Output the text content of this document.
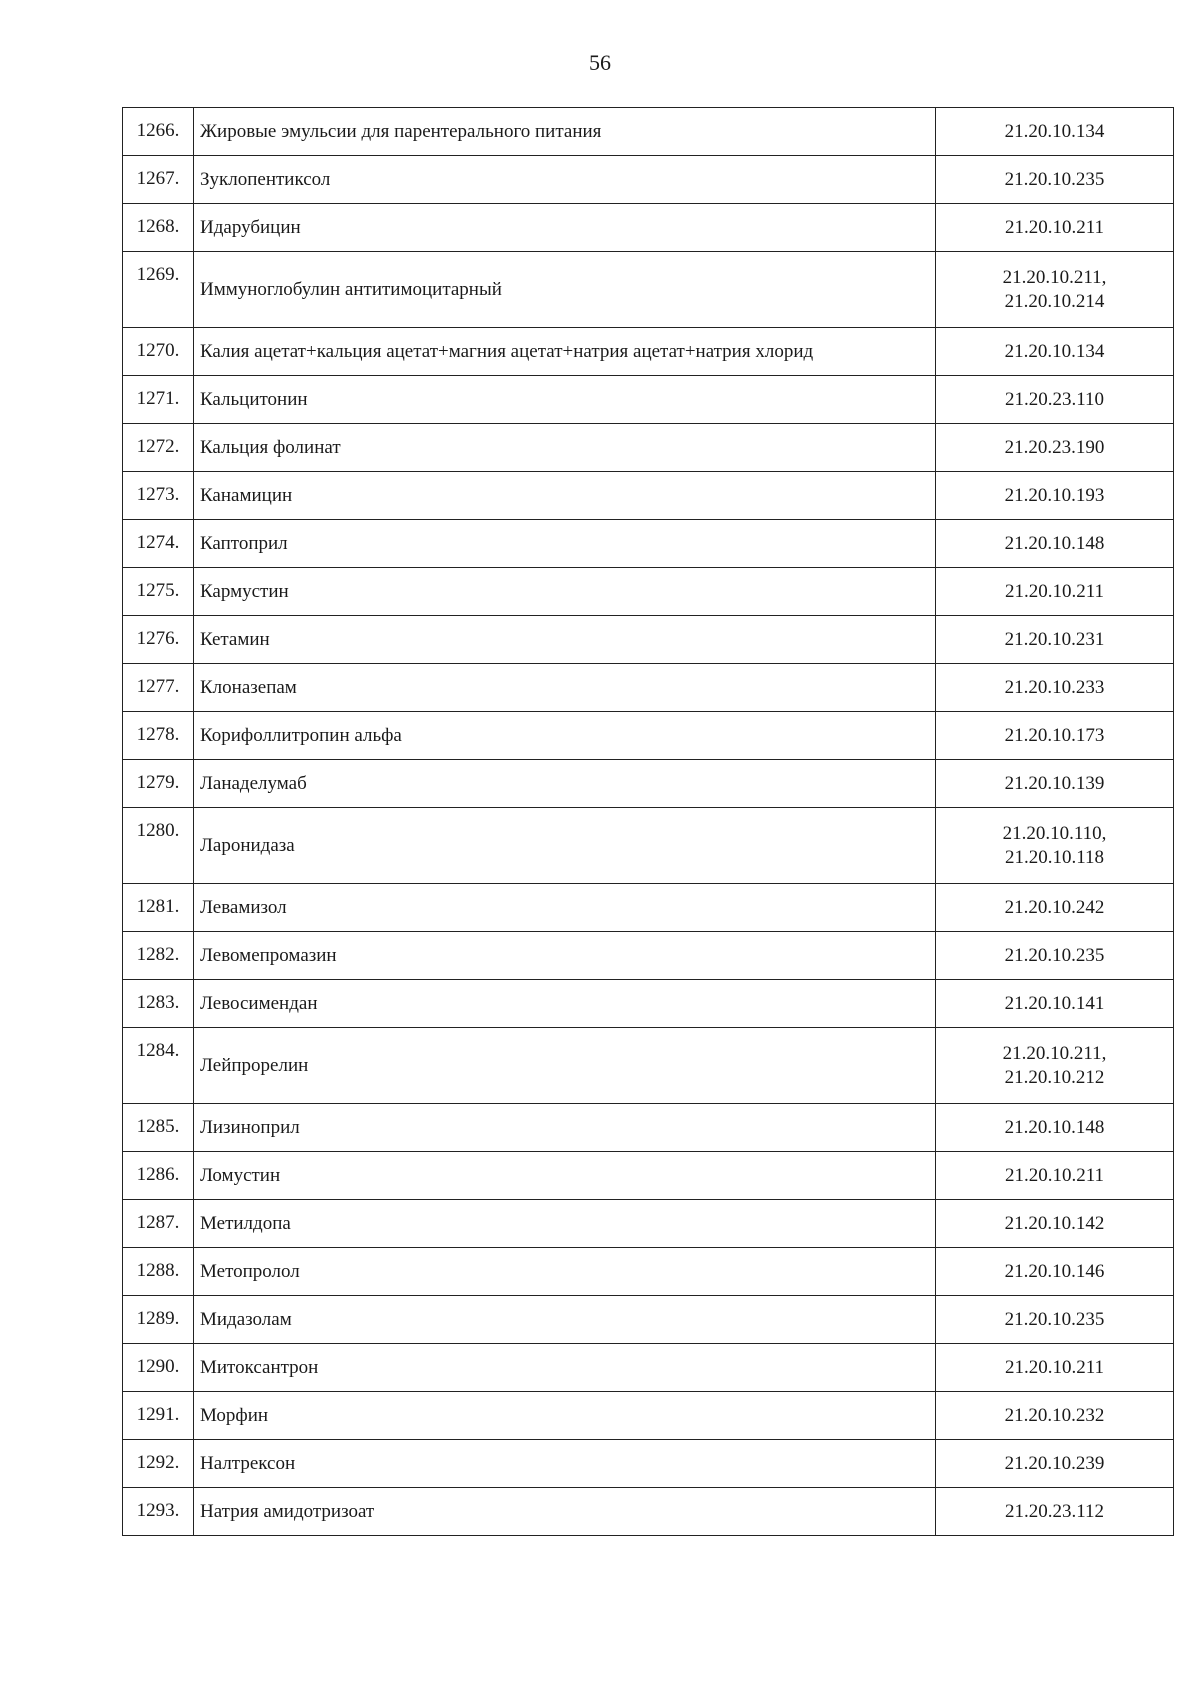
56
1266.	Жировые эмульсии для парентерального питания	21.20.10.134

1267.	Зуклопентиксол	21.20.10.235

1268.	Идарубицин	21.20.10.211

1269.	Иммуноглобулин антитимоцитарный	21.20.10.211,
21.20.10.214

1270.	Калия ацетат+кальция ацетат+магния ацетат+натрия ацетат+натрия хлорид	21.20.10.134

1271.	Кальцитонин	21.20.23.110

1272.	Кальция фолинат	21.20.23.190

1273.	Канамицин	21.20.10.193

1274.	Каптоприл	21.20.10.148

1275.	Кармустин	21.20.10.211

1276.	Кетамин	21.20.10.231

1277.	Клоназепам	21.20.10.233

1278.	Корифоллитропин альфа	21.20.10.173

1279.	Ланаделумаб	21.20.10.139

1280.	Ларонидаза	21.20.10.110,
21.20.10.118

1281.	Левамизол	21.20.10.242

1282.	Левомепромазин	21.20.10.235

1283.	Левосимендан	21.20.10.141

1284.	Лейпрорелин	21.20.10.211,
21.20.10.212

1285.	Лизиноприл	21.20.10.148

1286.	Ломустин	21.20.10.211

1287.	Метилдопа	21.20.10.142

1288.	Метопролол	21.20.10.146

1289.	Мидазолам	21.20.10.235

1290.	Митоксантрон	21.20.10.211

1291.	Морфин	21.20.10.232

1292.	Налтрексон	21.20.10.239

1293.	Натрия амидотризоат	21.20.23.112
